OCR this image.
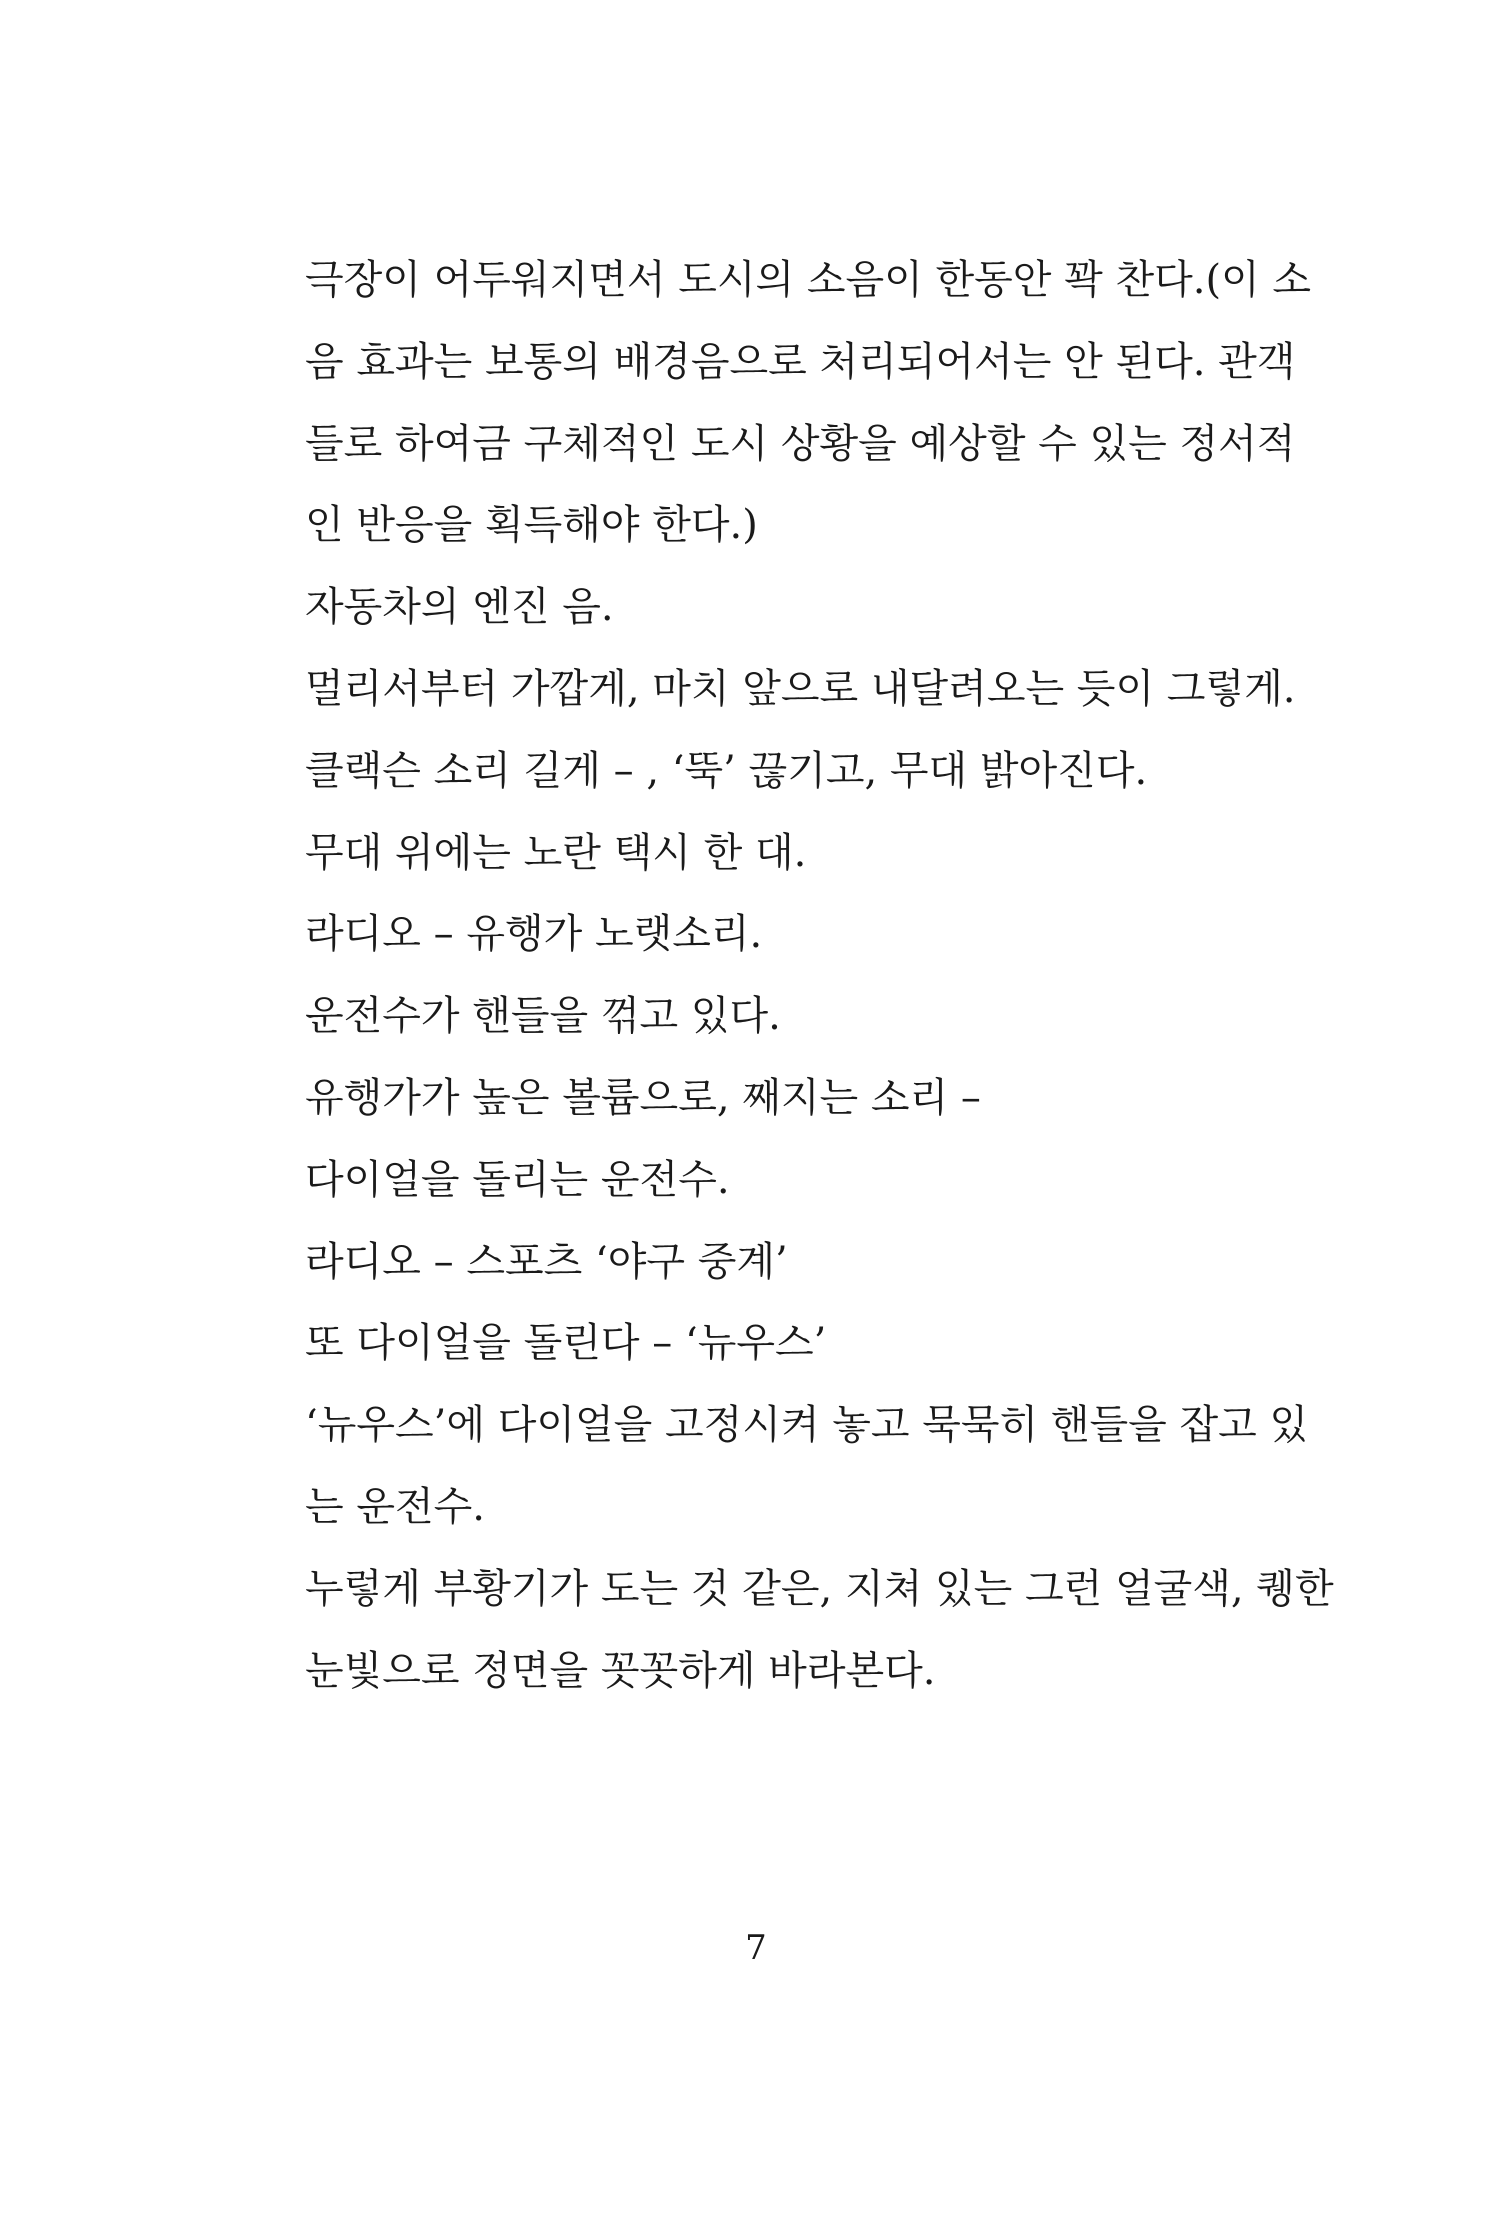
극장이 어두워지면서 도시의 소음이 한동안 꽉 찬다.(이 소
음 효과는 보통의 배경음으로 처리되어서는 안 된다. 관객
들로 하여금 구체적인 도시 상황을 예상할 수 있는 정서적
인 반응을 획득해야 한다.)
자동차의 엔진 음.
멀리서부터 가깝게, 마치 앞으로 내달려오는 듯이 그렇게.
클랙슨 소리 길게 – , ‘뚝’ 끊기고, 무대 밝아진다.
무대 위에는 노란 택시 한 대.
라디오 – 유행가 노랫소리.
운전수가 핸들을 꺾고 있다.
유행가가 높은 볼륨으로, 째지는 소리 –
다이얼을 돌리는 운전수.
라디오 – 스포츠 ‘야구 중계’
또 다이얼을 돌린다 – ‘뉴우스’
‘뉴우스’에 다이얼을 고정시켜 놓고 묵묵히 핸들을 잡고 있
는 운전수.
누렇게 부황기가 도는 것 같은, 지쳐 있는 그런 얼굴색, 퀭한
눈빛으로 정면을 꼿꼿하게 바라본다.
7
